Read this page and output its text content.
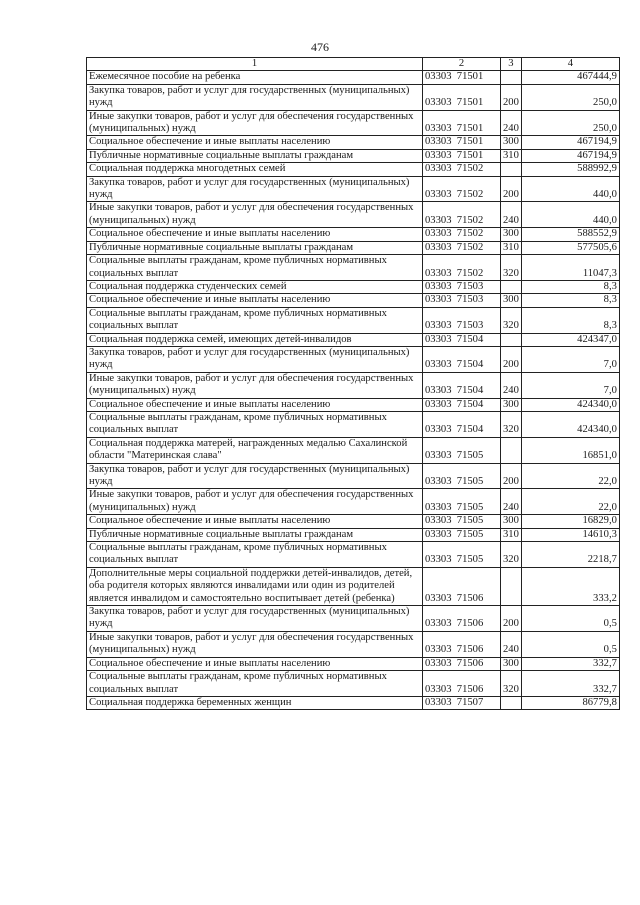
476
1	2	3	4
Ежемесячное пособие на ребенка	03303  71501		467444,9
Закупка товаров, работ и услуг для государственных (муниципальных) нужд	03303  71501	200	250,0
Иные закупки товаров, работ и услуг для обеспечения государственных (муниципальных) нужд	03303  71501	240	250,0
Социальное обеспечение и иные выплаты населению	03303  71501	300	467194,9
Публичные нормативные социальные выплаты гражданам	03303  71501	310	467194,9
Социальная поддержка многодетных семей	03303  71502		588992,9
Закупка товаров, работ и услуг для государственных (муниципальных) нужд	03303  71502	200	440,0
Иные закупки товаров, работ и услуг для обеспечения государственных (муниципальных) нужд	03303  71502	240	440,0
Социальное обеспечение и иные выплаты населению	03303  71502	300	588552,9
Публичные нормативные социальные выплаты гражданам	03303  71502	310	577505,6
Социальные выплаты гражданам, кроме публичных нормативных социальных выплат	03303  71502	320	11047,3
Социальная поддержка студенческих семей	03303  71503		8,3
Социальное обеспечение и иные выплаты населению	03303  71503	300	8,3
Социальные выплаты гражданам, кроме публичных нормативных социальных выплат	03303  71503	320	8,3
Социальная поддержка семей, имеющих детей-инвалидов	03303  71504		424347,0
Закупка товаров, работ и услуг для государственных (муниципальных) нужд	03303  71504	200	7,0
Иные закупки товаров, работ и услуг для обеспечения государственных (муниципальных) нужд	03303  71504	240	7,0
Социальное обеспечение и иные выплаты населению	03303  71504	300	424340,0
Социальные выплаты гражданам, кроме публичных нормативных социальных выплат	03303  71504	320	424340,0
Социальная поддержка матерей, награжденных медалью Сахалинской области "Материнская слава"	03303  71505		16851,0
Закупка товаров, работ и услуг для государственных (муниципальных) нужд	03303  71505	200	22,0
Иные закупки товаров, работ и услуг для обеспечения государственных (муниципальных) нужд	03303  71505	240	22,0
Социальное обеспечение и иные выплаты населению	03303  71505	300	16829,0
Публичные нормативные социальные выплаты гражданам	03303  71505	310	14610,3
Социальные выплаты гражданам, кроме публичных нормативных социальных выплат	03303  71505	320	2218,7
Дополнительные меры социальной поддержки детей-инвалидов, детей, оба родителя которых являются инвалидами или один из родителей является инвалидом и самостоятельно воспитывает детей (ребенка)	03303  71506		333,2
Закупка товаров, работ и услуг для государственных (муниципальных) нужд	03303  71506	200	0,5
Иные закупки товаров, работ и услуг для обеспечения государственных (муниципальных) нужд	03303  71506	240	0,5
Социальное обеспечение и иные выплаты населению	03303  71506	300	332,7
Социальные выплаты гражданам, кроме публичных нормативных социальных выплат	03303  71506	320	332,7
Социальная поддержка беременных женщин	03303  71507		86779,8
